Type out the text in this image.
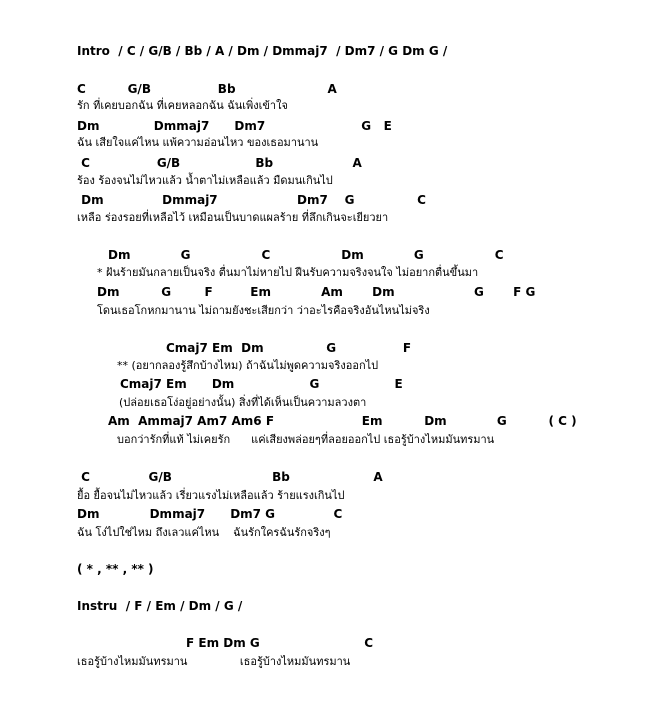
Intro  / C / G/B / Bb / A / Dm / Dmmaj7  / Dm7 / G Dm G /
C          G/B                Bb                      A
รัก ที่เคยบอกฉัน ที่เคยหลอกฉัน ฉันเพิ่งเข้าใจ
Dm             Dmmaj7      Dm7                       G   E
ฉัน เสียใจแค่ไหน แพ้ความอ่อนไหว ของเธอมานาน
C                G/B                  Bb                   A
ร้อง ร้องจนไม่ไหวแล้ว น้ำตาไม่เหลือแล้ว มืดมนเกินไป
Dm              Dmmaj7                   Dm7    G               C
เหลือ ร่องรอยที่เหลือไว้ เหมือนเป็นบาดแผลร้าย ที่ลึกเกินจะเยียวยา
Dm            G                 C                 Dm            G                 C
* ฝันร้ายมันกลายเป็นจริง ตื่นมาไม่หายไป ฝืนรับความจริงจนใจ ไม่อยากตื่นขึ้นมา
Dm          G        F         Em            Am       Dm                   G       F G
โดนเธอโกหกมานาน ไม่ถามยังชะเสียกว่า ว่าอะไรคือจริงอันไหนไม่จริง
Cmaj7 Em  Dm               G                F
** (อยากลองรู้สึกบ้างไหม) ถ้าฉันไม่พูดความจริงออกไป
Cmaj7 Em      Dm                  G                  E
(ปล่อยเธอโง่อยู่อย่างนั้น) สิ่งที่ได้เห็นเป็นความลวงตา
Am  Ammaj7 Am7 Am6 F                     Em          Dm            G          ( C )
บอกว่ารักที่แท้ ไม่เคยรัก      แค่เสียงพล่อยๆที่ลอยออกไป เธอรู้บ้างไหมมันทรมาน
C              G/B                        Bb                    A
ยื้อ ยื้อจนไม่ไหวแล้ว เรี่ยวแรงไม่เหลือแล้ว ร้ายแรงเกินไป
Dm            Dmmaj7      Dm7 G              C
ฉัน โง่ไปใช่ไหม ถึงเลวแค่ไหน    ฉันรักใครฉันรักจริงๆ
( * , ** , ** )
Instru  / F / Em / Dm / G /
F Em Dm G                         C
เธอรู้บ้างไหมมันทรมาน               เธอรู้บ้างไหมมันทรมาน
